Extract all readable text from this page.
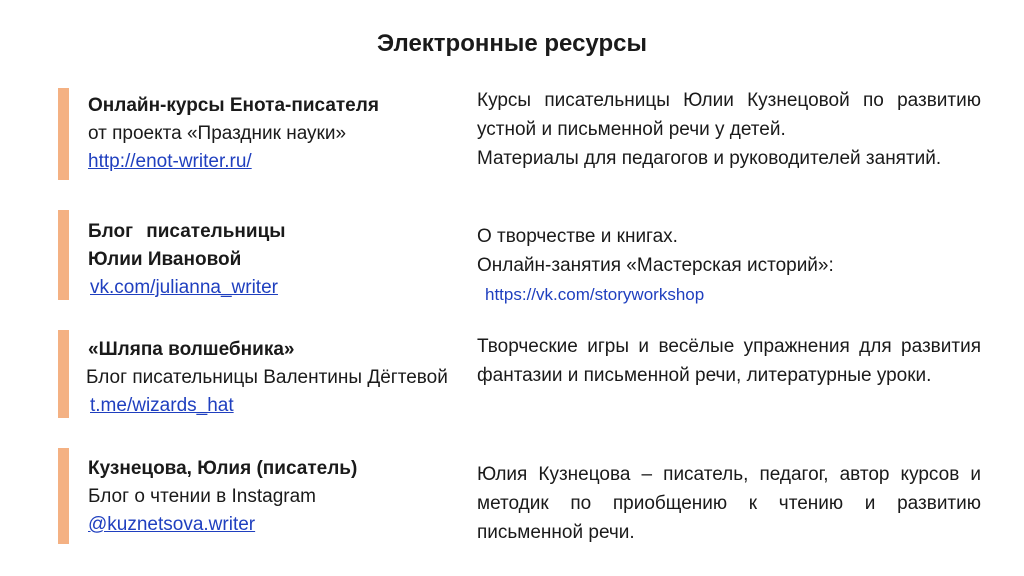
Электронные ресурсы
Онлайн-курсы Енота-писателя
от проекта «Праздник науки»
http://enot-writer.ru/

Курсы писательницы Юлии Кузнецовой по развитию устной и письменной речи у детей.

Материалы для педагогов и руководителей занятий.

Блог писательницы
Юлии Ивановой
vk.com/julianna_writer

О творчестве и книгах.

Онлайн-занятия «Мастерская историй»:

https://vk.com/storyworkshop

«Шляпа волшебника»
Блог писательницы Валентины Дёгтевой
t.me/wizards_hat

Творческие игры и весёлые упражнения для развития фантазии и письменной речи, литературные уроки.

Кузнецова, Юлия (писатель)
Блог о чтении в Instagram
@kuznetsova.writer

Юлия Кузнецова – писатель, педагог, автор курсов и методик по приобщению к чтению и развитию письменной речи.
